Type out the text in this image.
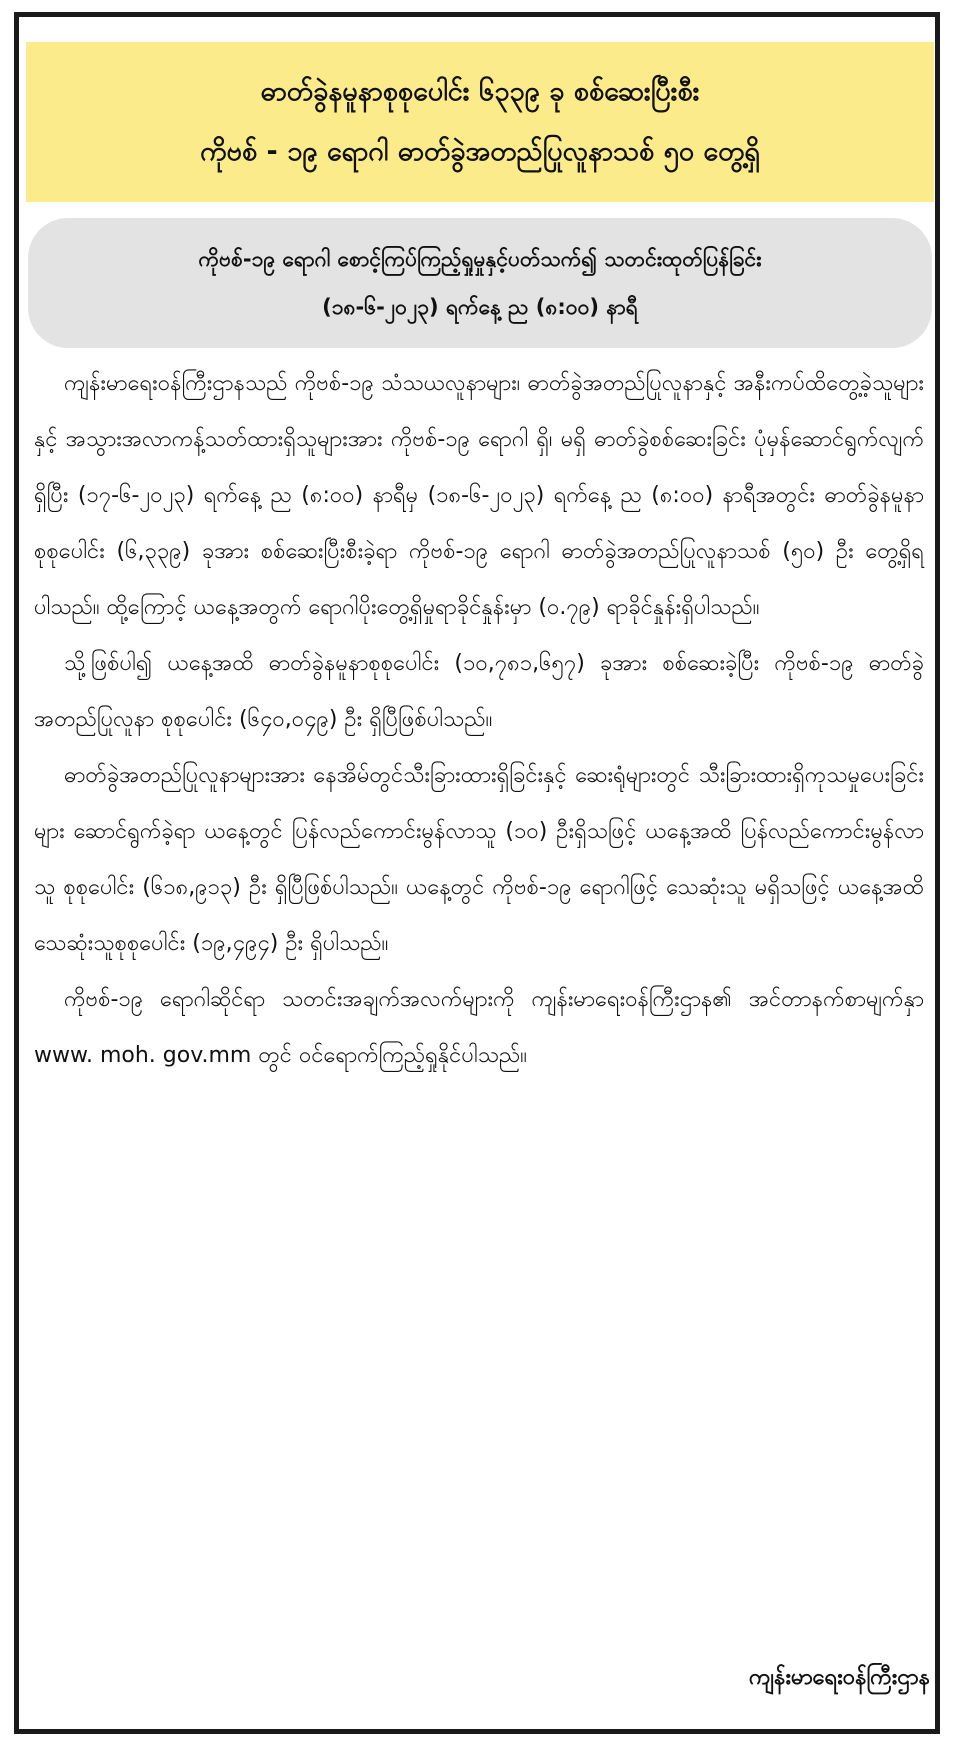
ဓာတ်ခွဲနမူနာစုစုပေါင်း ၆၃၃၉ ခု စစ်ဆေးပြီးစီး
ကိုဗစ် - ၁၉ ရောဂါ ဓာတ်ခွဲအတည်ပြုလူနာသစ် ၅၀ တွေ့ရှိ
ကိုဗစ်-၁၉ ရောဂါ စောင့်ကြပ်ကြည့်ရှုမှုနှင့်ပတ်သက်၍ သတင်းထုတ်ပြန်ခြင်း
(၁၈-၆-၂၀၂၃) ရက်နေ့ ည (၈:၀၀) နာရီ

ကျန်းမာရေးဝန်ကြီးဌာနသည် ကိုဗစ်-၁၉ သံသယလူနာများ၊ ဓာတ်ခွဲအတည်ပြုလူနာနှင့် အနီးကပ်ထိတွေ့ခဲ့သူများနှင့် အသွားအလာကန့်သတ်ထားရှိသူများအား ကိုဗစ်-၁၉ ရောဂါ ရှိ၊ မရှိ ဓာတ်ခွဲစစ်ဆေးခြင်း ပုံမှန်ဆောင်ရွက်လျက်ရှိပြီး (၁၇-၆-၂၀၂၃) ရက်နေ့ ည (၈:၀၀) နာရီမှ (၁၈-၆-၂၀၂၃) ရက်နေ့ ည (၈:၀၀) နာရီအတွင်း ဓာတ်ခွဲနမူနာစုစုပေါင်း (၆,၃၃၉) ခုအား စစ်ဆေးပြီးစီးခဲ့ရာ ကိုဗစ်-၁၉ ရောဂါ ဓာတ်ခွဲအတည်ပြုလူနာသစ် (၅၀) ဦး တွေ့ရှိရပါသည်။ ထို့ကြောင့် ယနေ့အတွက် ရောဂါပိုးတွေ့ရှိမှုရာခိုင်နှုန်းမှာ (၀.၇၉) ရာခိုင်နှုန်းရှိပါသည်။

သို့ဖြစ်ပါ၍ ယနေ့အထိ ဓာတ်ခွဲနမူနာစုစုပေါင်း (၁၀,၇၈၁,၆၅၇) ခုအား စစ်ဆေးခဲ့ပြီး ကိုဗစ်-၁၉ ဓာတ်ခွဲအတည်ပြုလူနာ စုစုပေါင်း (၆၄၀,၀၄၉) ဦး ရှိပြီဖြစ်ပါသည်။

ဓာတ်ခွဲအတည်ပြုလူနာများအား နေအိမ်တွင်သီးခြားထားရှိခြင်းနှင့် ဆေးရုံများတွင် သီးခြားထားရှိကုသမှုပေးခြင်းများ ဆောင်ရွက်ခဲ့ရာ ယနေ့တွင် ပြန်လည်ကောင်းမွန်လာသူ (၁၀) ဦးရှိသဖြင့် ယနေ့အထိ ပြန်လည်ကောင်းမွန်လာသူ စုစုပေါင်း (၆၁၈,၉၁၃) ဦး ရှိပြီဖြစ်ပါသည်။ ယနေ့တွင် ကိုဗစ်-၁၉ ရောဂါဖြင့် သေဆုံးသူ မရှိသဖြင့် ယနေ့အထိ သေဆုံးသူစုစုပေါင်း (၁၉,၄၉၄) ဦး ရှိပါသည်။

ကိုဗစ်-၁၉ ရောဂါဆိုင်ရာ သတင်းအချက်အလက်များကို ကျန်းမာရေးဝန်ကြီးဌာန၏ အင်တာနက်စာမျက်နှာ www. moh. gov.mm တွင် ဝင်ရောက်ကြည့်ရှုနိုင်ပါသည်။

ကျန်းမာရေးဝန်ကြီးဌာန
